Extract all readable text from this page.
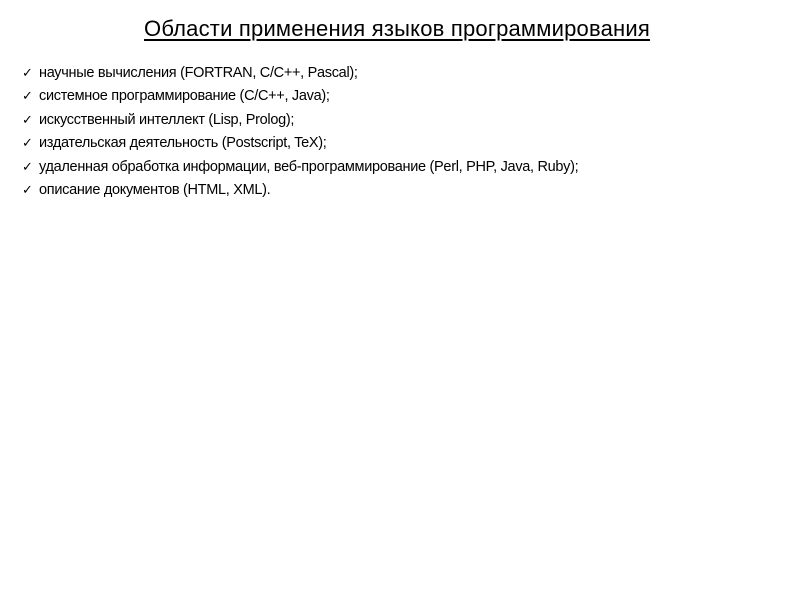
Области применения языков программирования
✓ научные вычисления (FORTRAN, C/C++, Pascal);
✓ системное программирование (C/C++, Java);
✓ искусственный интеллект (Lisp, Prolog);
✓ издательская деятельность (Postscript, TeX);
✓ удаленная обработка информации, веб-программирование (Perl, PHP, Java, Ruby);
✓ описание документов (HTML, XML).
